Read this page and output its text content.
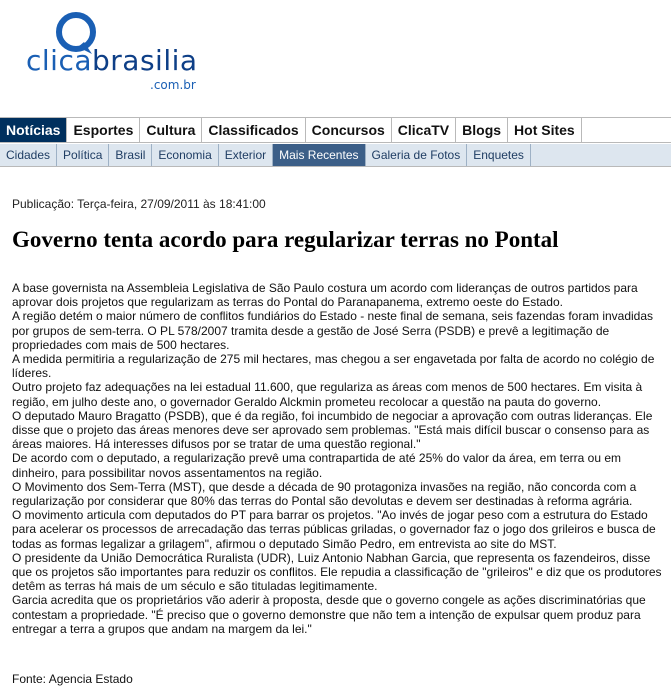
clicabrasilia
.com.br
Notícias Esportes Cultura Classificados Concursos ClicaTV Blogs Hot Sites
Cidades	Política	Brasil	Economia	Exterior	Mais Recentes	Galeria de Fotos	Enquetes
Publicação: Terça-feira, 27/09/2011 às 18:41:00
Governo tenta acordo para regularizar terras no Pontal

A base governista na Assembleia Legislativa de São Paulo costura um acordo com lideranças de outros partidos para aprovar dois projetos que regularizam as terras do Pontal do Paranapanema, extremo oeste do Estado.

A região detém o maior número de conflitos fundiários do Estado - neste final de semana, seis fazendas foram invadidas por grupos de sem-terra. O PL 578/2007 tramita desde a gestão de José Serra (PSDB) e prevê a legitimação de propriedades com mais de 500 hectares.

A medida permitiria a regularização de 275 mil hectares, mas chegou a ser engavetada por falta de acordo no colégio de líderes.

Outro projeto faz adequações na lei estadual 11.600, que regulariza as áreas com menos de 500 hectares. Em visita à região, em julho deste ano, o governador Geraldo Alckmin prometeu recolocar a questão na pauta do governo.

O deputado Mauro Bragatto (PSDB), que é da região, foi incumbido de negociar a aprovação com outras lideranças. Ele disse que o projeto das áreas menores deve ser aprovado sem problemas. "Está mais difícil buscar o consenso para as áreas maiores. Há interesses difusos por se tratar de uma questão regional."

De acordo com o deputado, a regularização prevê uma contrapartida de até 25% do valor da área, em terra ou em dinheiro, para possibilitar novos assentamentos na região.

O Movimento dos Sem-Terra (MST), que desde a década de 90 protagoniza invasões na região, não concorda com a regularização por considerar que 80% das terras do Pontal são devolutas e devem ser destinadas à reforma agrária.

O movimento articula com deputados do PT para barrar os projetos. "Ao invés de jogar peso com a estrutura do Estado para acelerar os processos de arrecadação das terras públicas griladas, o governador faz o jogo dos grileiros e busca de todas as formas legalizar a grilagem", afirmou o deputado Simão Pedro, em entrevista ao site do MST.

O presidente da União Democrática Ruralista (UDR), Luiz Antonio Nabhan Garcia, que representa os fazendeiros, disse que os projetos são importantes para reduzir os conflitos. Ele repudia a classificação de "grileiros" e diz que os produtores detêm as terras há mais de um século e são tituladas legitimamente.

Garcia acredita que os proprietários vão aderir à proposta, desde que o governo congele as ações discriminatórias que contestam a propriedade. "É preciso que o governo demonstre que não tem a intenção de expulsar quem produz para entregar a terra a grupos que andam na margem da lei."

Fonte: Agencia Estado
